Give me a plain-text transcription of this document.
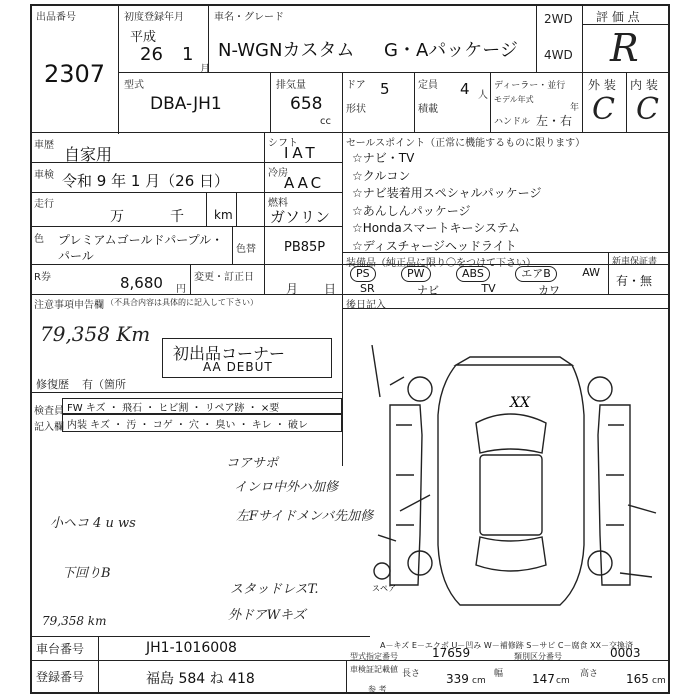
出品番号
2307
初度登録年月
平成
26 1
月
車名・グレード
N-WGNカスタム G・Aパッケージ
2WD
4WD
評 価 点
R
外 装 内 装
C C
型式
DBA-JH1
排気量
658
cc
ドア 5
形状
定員 4 人
積載
ディーラー・並行
モデル年式
年
ハンドル 左・右
車歴 自家用
車検 令和 9 年 1 月（26 日）
走行
万	千	km
色 プレミアムゴールドパープル・パール	色替
R券	8,680 円
変更・訂正日
月 日
シフト
IAT
冷房
AAC
燃料
ガソリン
PB85P
セールスポイント（正常に機能するものに限ります）
☆ナビ・TV
☆クルコン
☆ナビ装着用スペシャルパッケージ
☆あんしんパッケージ
☆Hondaスマートキーシステム
☆ディスチャージヘッドライト
装備品（純正品に限り〇をつけて下さい）
PS	PW	ABS	エアB	AW
SR	ナビ	TV	カワ
新車保証書
有・無
後日記入
注意事項申告欄 （不具合内容は具体的に記入して下さい）
79,358 Km
初出品コーナー
AA DEBUT
修復歴 有（箇所
検査員
記入欄
FW キズ ・ 飛石 ・ ヒビ割 ・ リペア跡 ・ ×要
内装 キズ ・ 汚 ・ コゲ ・ 穴 ・ 臭い ・ キレ ・ 破レ
コアサポ
インロ中外ハ加修
左Fサイドメンバ先加修
小ヘコ 4 u ws
下回りB
スタッドレスT.
外ドアWキズ
79,358 km
XX
スペア
A－キズ E－エクボ U－凹み W－補修跡 S－サビ C－腐食 XX－交換済
車台番号	JH1-1016008
登録番号	福島 584 ね 418
型式指定番号	17659	類別区分番号	0003
車検証記載値 長さ 339 cm
幅 147 cm
高さ 165 cm
参 考
